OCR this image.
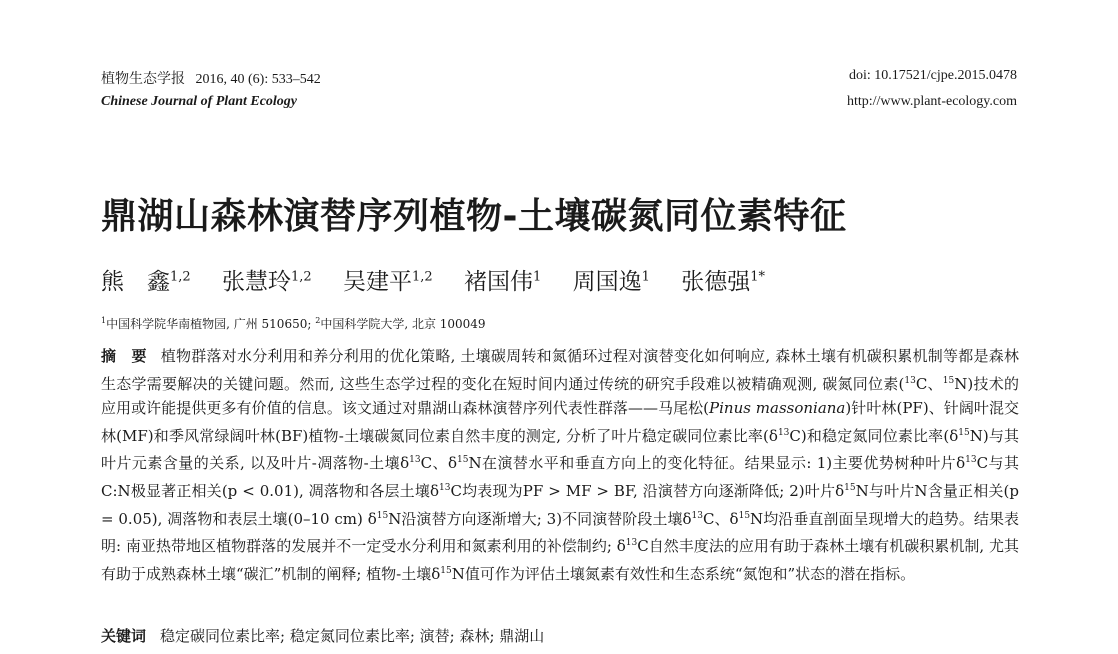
植物生态学报 2016, 40 (6): 533–542
Chinese Journal of Plant Ecology
doi: 10.17521/cjpe.2015.0478
http://www.plant-ecology.com
鼎湖山森林演替序列植物-土壤碳氮同位素特征
熊　鑫$^{1,2}$ 张慧玲$^{1,2}$ 吴建平$^{1,2}$ 褚国伟$^1$ 周国逸$^1$ 张德强$^{1*}$
$^1$中国科学院华南植物园, 广州 510650; $^2$中国科学院大学, 北京 100049
摘　要 植物群落对水分利用和养分利用的优化策略, 土壤碳周转和氮循环过程对演替变化如何响应, 森林土壤有机碳积累机制等都是森林生态学需要解决的关键问题。然而, 这些生态学过程的变化在短时间内通过传统的研究手段难以被精确观测, 碳氮同位素($^{13}$C、$^{15}$N)技术的应用或许能提供更多有价值的信息。该文通过对鼎湖山森林演替序列代表性群落——马尾松(Pinus massoniana)针叶林(PF)、针阔叶混交林(MF)和季风常绿阔叶林(BF)植物-土壤碳氮同位素自然丰度的测定, 分析了叶片稳定碳同位素比率$(\delta^{13}C)$和稳定氮同位素比率$(\delta^{15}N)$与其叶片元素含量的关系, 以及叶片-凋落物-土壤$\delta^{13}C$、$\delta^{15}N$在演替水平和垂直方向上的变化特征。结果显示: 1)主要优势树种叶片$\delta^{13}C$与其C:N极显著正相关(p < 0.01), 凋落物和各层土壤$\delta^{13}C$均表现为PF > MF > BF, 沿演替方向逐渐降低; 2)叶片$\delta^{15}N$与叶片N含量正相关(p = 0.05), 凋落物和表层土壤(0–10 cm) $\delta^{15}N$沿演替方向逐渐增大; 3)不同演替阶段土壤$\delta^{13}C$、$\delta^{15}N$均沿垂直剖面呈现增大的趋势。结果表明: 南亚热带地区植物群落的发展并不一定受水分利用和氮素利用的补偿制约; $\delta^{13}C$自然丰度法的应用有助于森林土壤有机碳积累机制, 尤其有助于成熟森林土壤“碳汇”机制的阐释; 植物-土壤$\delta^{15}N$值可作为评估土壤氮素有效性和生态系统“氮饱和”状态的潜在指标。
关键词 稳定碳同位素比率; 稳定氮同位素比率; 演替; 森林; 鼎湖山
